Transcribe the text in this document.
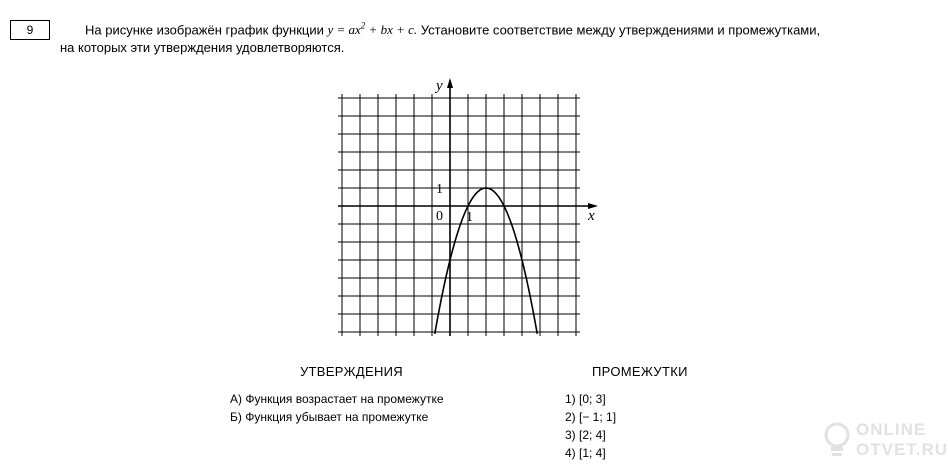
9	На рисунке изображён график функции $y = ax^2$ + bx + c. Установите соответствие между утверждениями и промежутками,
на которых эти утверждения удовлетворяются.
y
x
0 1
1
УТВЕРЖДЕНИЯ	ПРОМЕЖУТКИ
А) Функция возрастает на промежутке
Б) Функция убывает на промежутке
1) [0; 3]
2) [− 1; 1]
3) [2; 4]
4) [1; 4]
ONLINE
OTVET.RU
